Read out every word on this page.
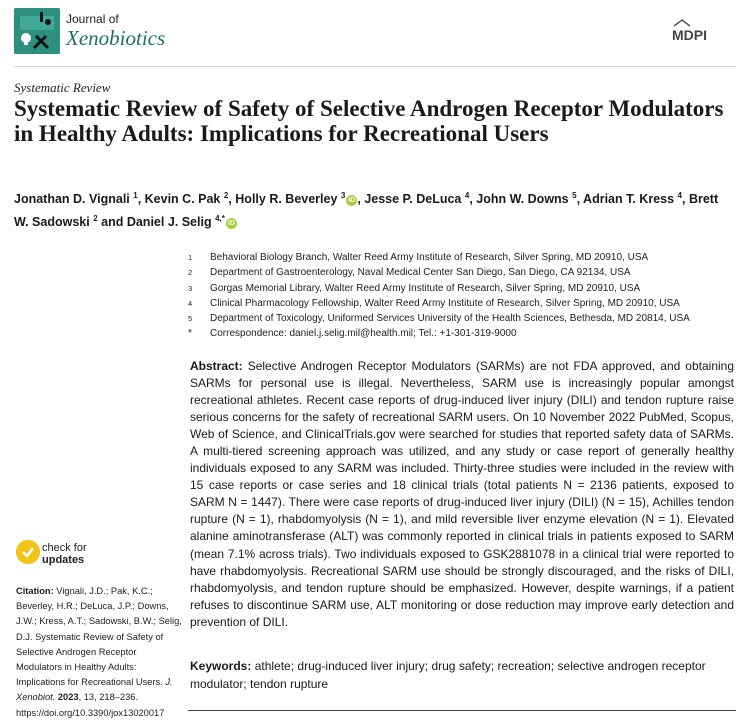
Journal of
Xenobiotics	MDPI
Systematic Review
Systematic Review of Safety of Selective Androgen Receptor Modulators in Healthy Adults: Implications for Recreational Users
Jonathan D. Vignali $^1$, Kevin C. Pak $^2$, Holly R. Beverley $^3$iD , Jesse P. DeLuca $^4$, John W. Downs $^5$, Adrian T. Kress $^4$, Brett W. Sadowski $^2$ and Daniel J. Selig $^{4,*}$iD
1	Behavioral Biology Branch, Walter Reed Army Institute of Research, Silver Spring, MD 20910, USA
2	Department of Gastroenterology, Naval Medical Center San Diego, San Diego, CA 92134, USA
3	Gorgas Memorial Library, Walter Reed Army Institute of Research, Silver Spring, MD 20910, USA
4	Clinical Pharmacology Fellowship, Walter Reed Army Institute of Research, Silver Spring, MD 20910, USA
5	Department of Toxicology, Uniformed Services University of the Health Sciences, Bethesda, MD 20814, USA
*	Correspondence: daniel.j.selig.mil@health.mil; Tel.: +1-301-319-9000
Abstract: Selective Androgen Receptor Modulators (SARMs) are not FDA approved, and obtaining SARMs for personal use is illegal. Nevertheless, SARM use is increasingly popular amongst recreational athletes. Recent case reports of drug-induced liver injury (DILI) and tendon rupture raise serious concerns for the safety of recreational SARM users. On 10 November 2022 PubMed, Scopus, Web of Science, and ClinicalTrials.gov were searched for studies that reported safety data of SARMs. A multi-tiered screening approach was utilized, and any study or case report of generally healthy individuals exposed to any SARM was included. Thirty-three studies were included in the review with 15 case reports or case series and 18 clinical trials (total patients N = 2136 patients, exposed to SARM N = 1447). There were case reports of drug-induced liver injury (DILI) (N = 15), Achilles tendon rupture (N = 1), rhabdomyolysis (N = 1), and mild reversible liver enzyme elevation (N = 1). Elevated alanine aminotransferase (ALT) was commonly reported in clinical trials in patients exposed to SARM (mean 7.1% across trials). Two individuals exposed to GSK2881078 in a clinical trial were reported to have rhabdomyolysis. Recreational SARM use should be strongly discouraged, and the risks of DILI, rhabdomyolysis, and tendon rupture should be emphasized. However, despite warnings, if a patient refuses to discontinue SARM use, ALT monitoring or dose reduction may improve early detection and prevention of DILI.
Keywords: athlete; drug-induced liver injury; drug safety; recreation; selective androgen receptor modulator; tendon rupture
check for
updates
Citation: Vignali, J.D.; Pak, K.C.; Beverley, H.R.; DeLuca, J.P.; Downs, J.W.; Kress, A.T.; Sadowski, B.W.; Selig, D.J. Systematic Review of Safety of Selective Androgen Receptor Modulators in Healthy Adults: Implications for Recreational Users. J. Xenobiot. 2023, 13, 218–236. https://doi.org/10.3390/jox13020017
